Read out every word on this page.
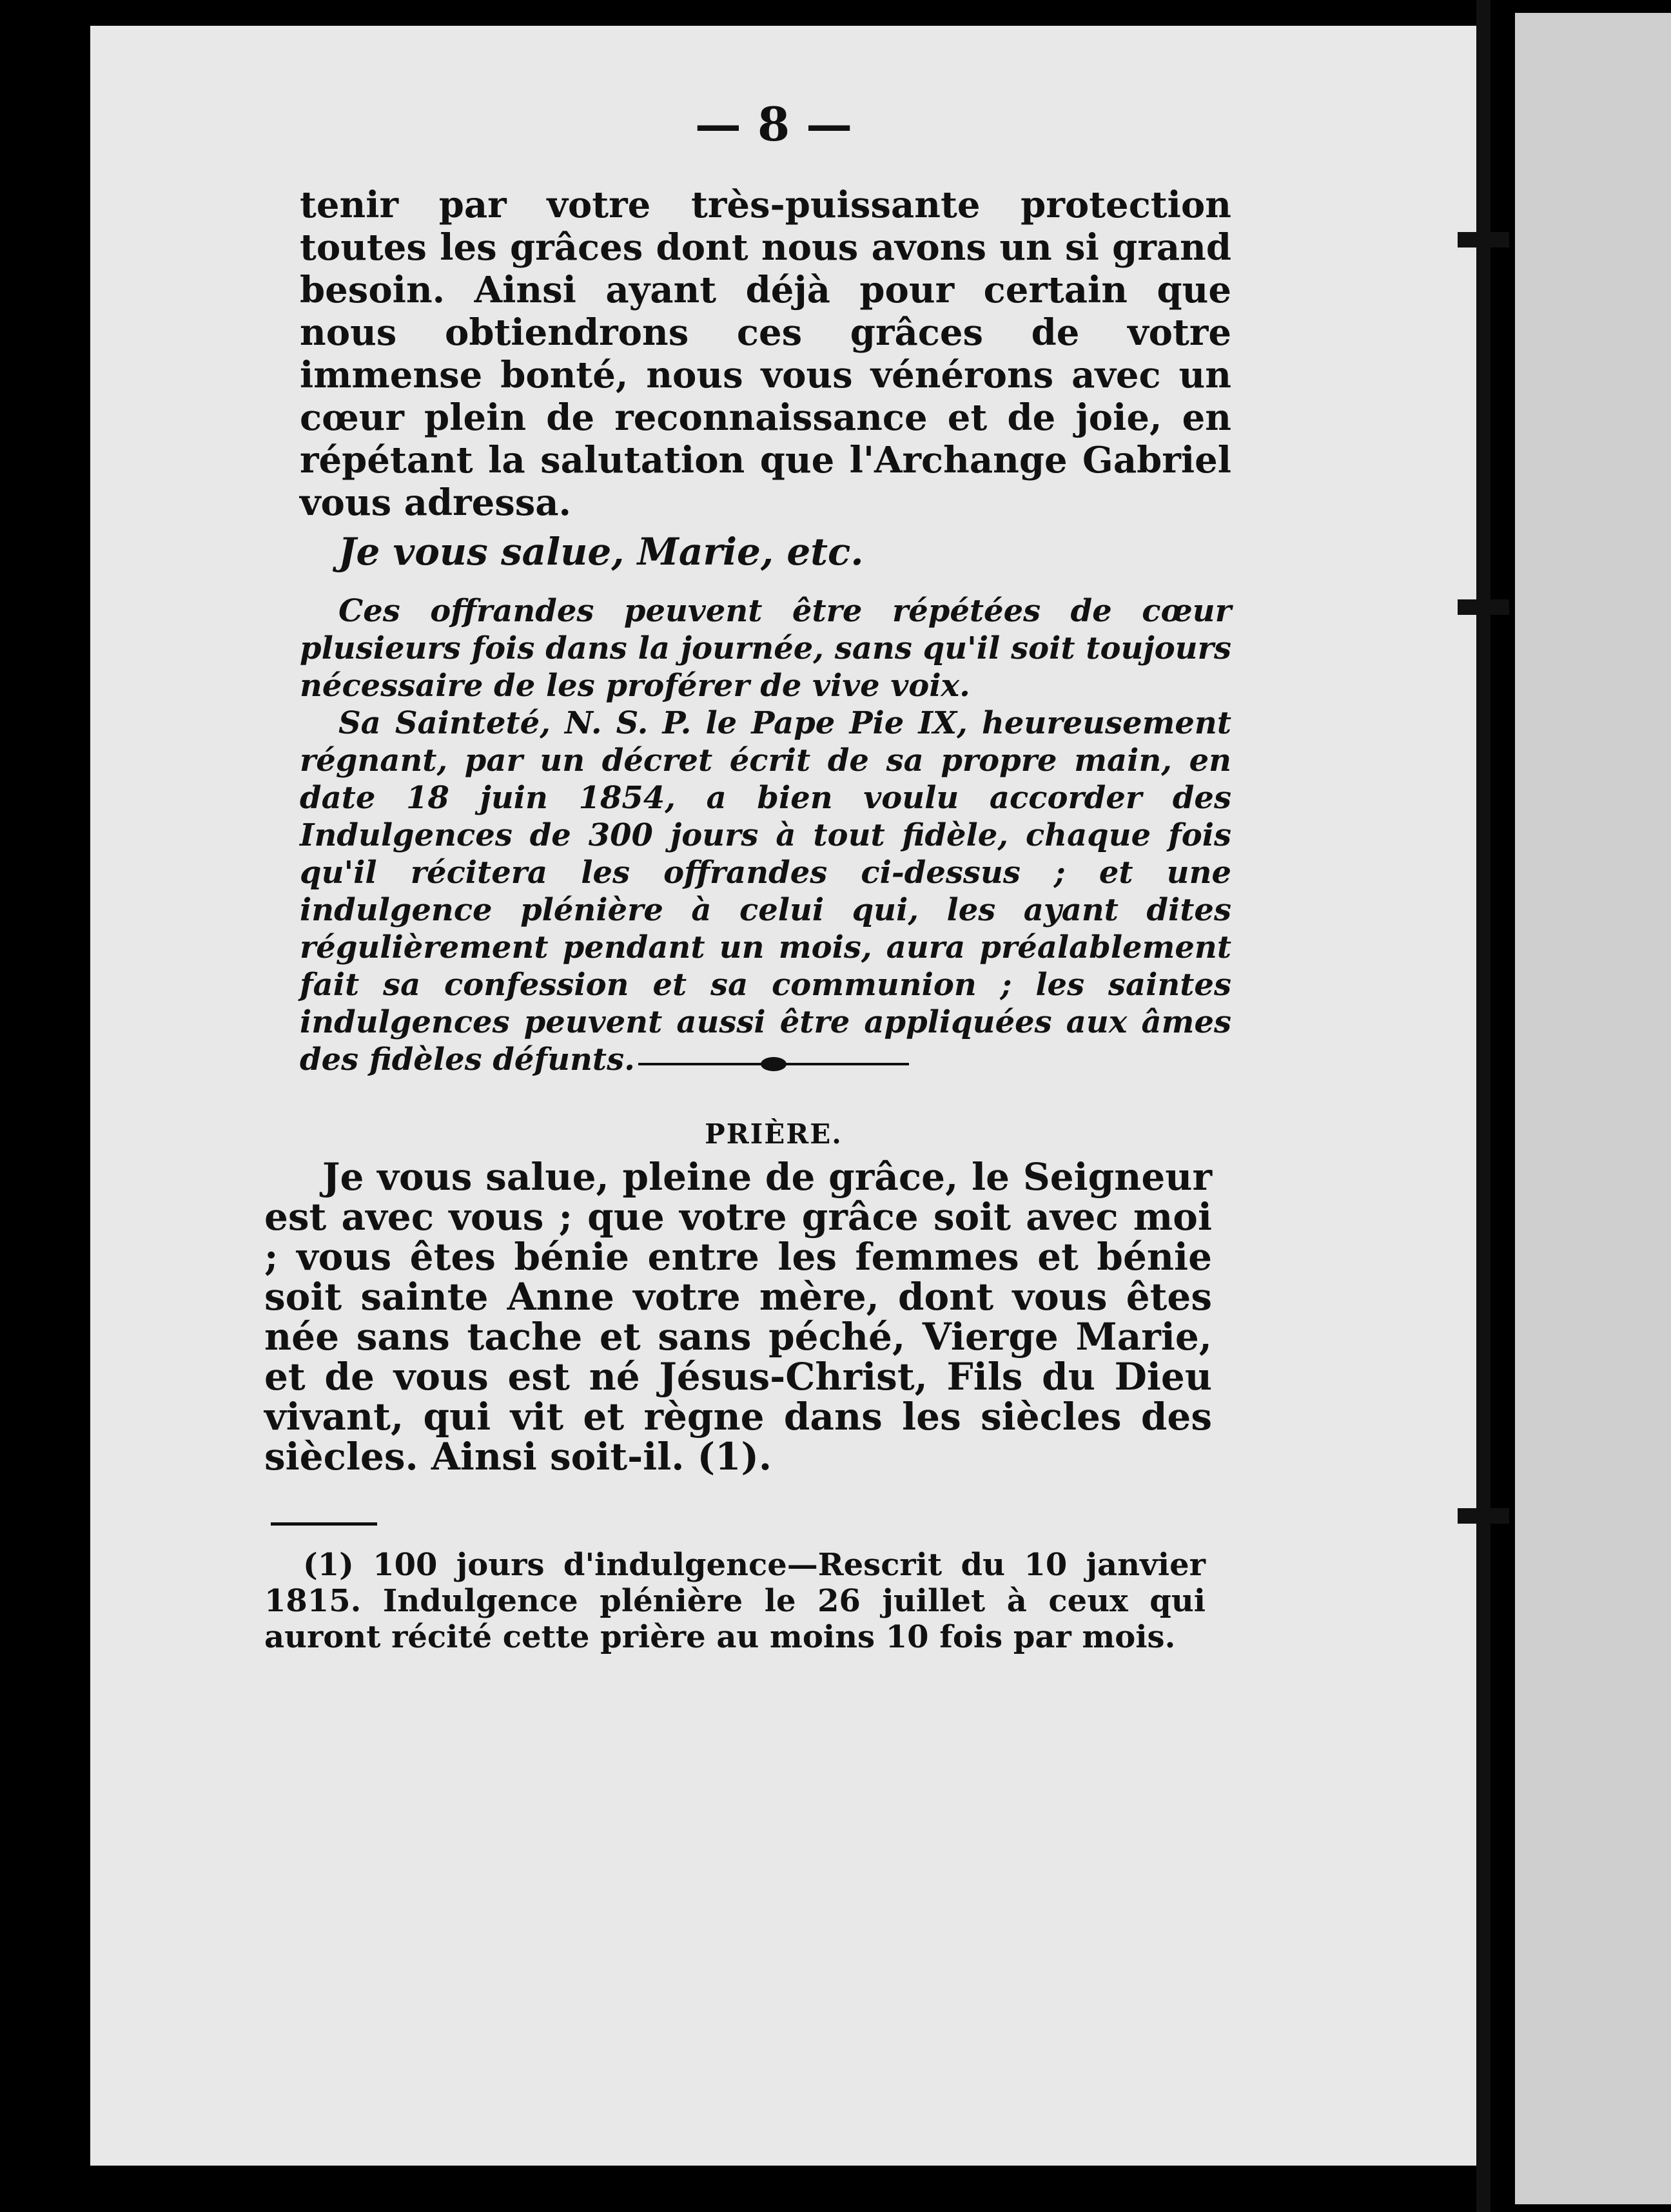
— 8 —

tenir par votre très-puissante protection toutes les grâces dont nous avons un si grand besoin. Ainsi ayant déjà pour certain que nous obtiendrons ces grâces de votre immense bonté, nous vous vénérons avec un cœur plein de reconnaissance et de joie, en répétant la salutation que l'Archange Gabriel vous adressa.

Je vous salue, Marie, etc.

Ces offrandes peuvent être répétées de cœur plusieurs fois dans la journée, sans qu'il soit toujours nécessaire de les proférer de vive voix.

Sa Sainteté, N. S. P. le Pape Pie IX, heureusement régnant, par un décret écrit de sa propre main, en date 18 juin 1854, a bien voulu accorder des Indulgences de 300 jours à tout fidèle, chaque fois qu'il récitera les offrandes ci-dessus ; et une indulgence plénière à celui qui, les ayant dites régulièrement pendant un mois, aura préalablement fait sa confession et sa communion ; les saintes indulgences peuvent aussi être appliquées aux âmes des fidèles défunts.

PRIÈRE.

Je vous salue, pleine de grâce, le Seigneur est avec vous ; que votre grâce soit avec moi ; vous êtes bénie entre les femmes et bénie soit sainte Anne votre mère, dont vous êtes née sans tache et sans péché, Vierge Marie, et de vous est né Jésus-Christ, Fils du Dieu vivant, qui vit et règne dans les siècles des siècles. Ainsi soit-il. (1).

(1) 100 jours d'indulgence—Rescrit du 10 janvier 1815. Indulgence plénière le 26 juillet à ceux qui auront récité cette prière au moins 10 fois par mois.
